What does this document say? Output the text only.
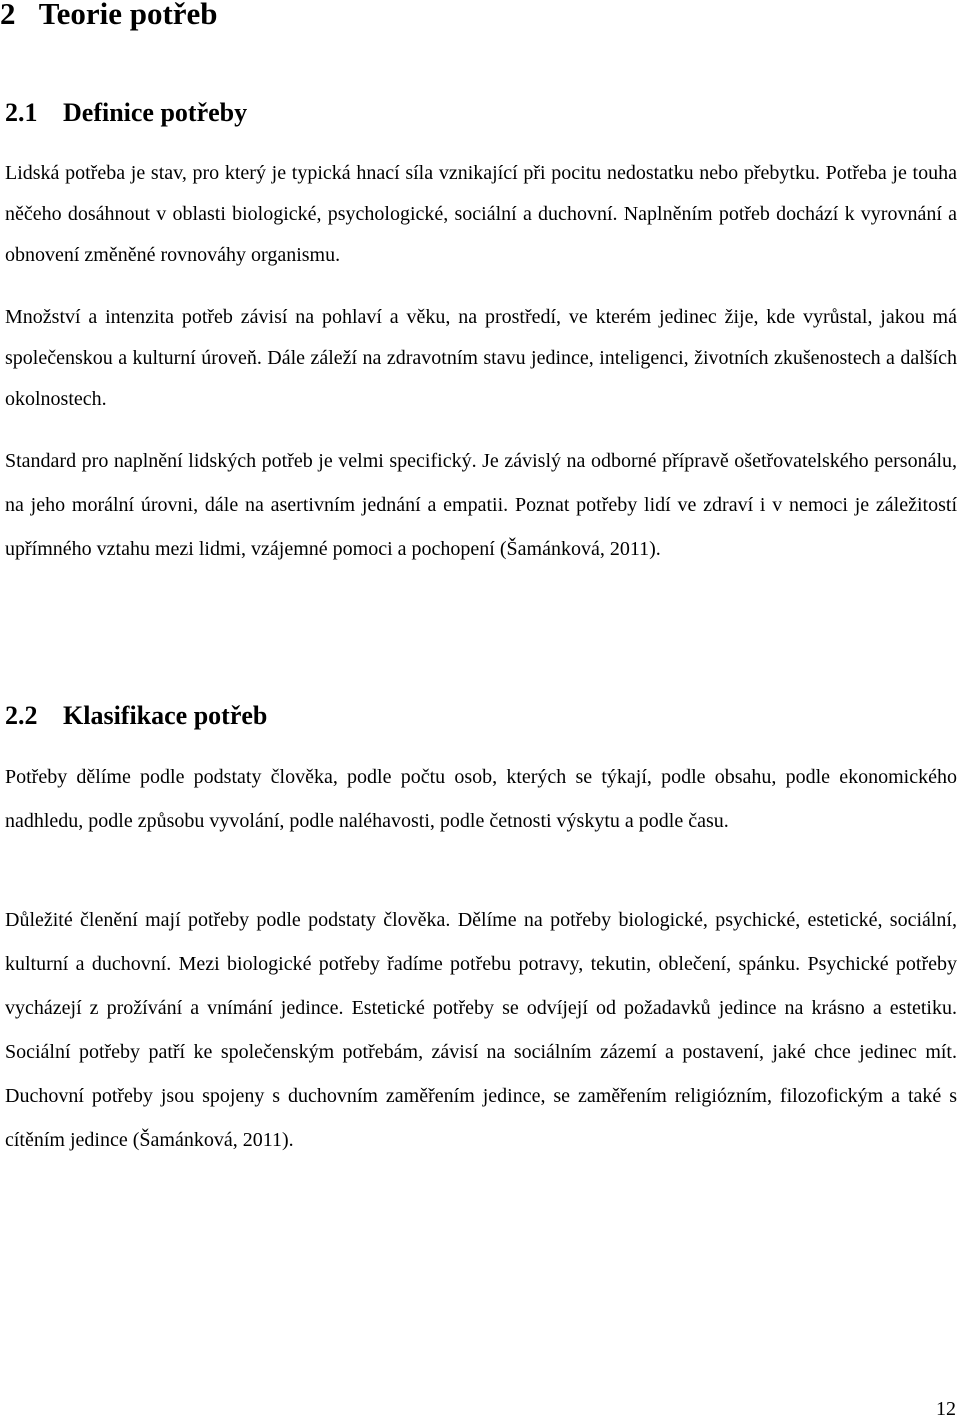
2 Teorie potřeb
2.1 Definice potřeby

Lidská potřeba je stav, pro který je typická hnací síla vznikající při pocitu nedostatku nebo přebytku. Potřeba je touha něčeho dosáhnout v oblasti biologické, psychologické, sociální a duchovní. Naplněním potřeb dochází k vyrovnání a obnovení změněné rovnováhy organismu.

Množství a intenzita potřeb závisí na pohlaví a věku, na prostředí, ve kterém jedinec žije, kde vyrůstal, jakou má společenskou a kulturní úroveň. Dále záleží na zdravotním stavu jedince, inteligenci, životních zkušenostech a dalších okolnostech.

Standard pro naplnění lidských potřeb je velmi specifický. Je závislý na odborné přípravě ošetřovatelského personálu, na jeho morální úrovni, dále na asertivním jednání a empatii. Poznat potřeby lidí ve zdraví i v nemoci je záležitostí upřímného vztahu mezi lidmi, vzájemné pomoci a pochopení (Šamánková, 2011).

2.2 Klasifikace potřeb

Potřeby dělíme podle podstaty člověka, podle počtu osob, kterých se týkají, podle obsahu, podle ekonomického nadhledu, podle způsobu vyvolání, podle naléhavosti, podle četnosti výskytu a podle času.

Důležité členění mají potřeby podle podstaty člověka. Dělíme na potřeby biologické, psychické, estetické, sociální, kulturní a duchovní. Mezi biologické potřeby řadíme potřebu potravy, tekutin, oblečení, spánku. Psychické potřeby vycházejí z prožívání a vnímání jedince. Estetické potřeby se odvíjejí od požadavků jedince na krásno a estetiku. Sociální potřeby patří ke společenským potřebám, závisí na sociálním zázemí a postavení, jaké chce jedinec mít. Duchovní potřeby jsou spojeny s duchovním zaměřením jedince, se zaměřením religiózním, filozofickým a také s cítěním jedince (Šamánková, 2011).

12
